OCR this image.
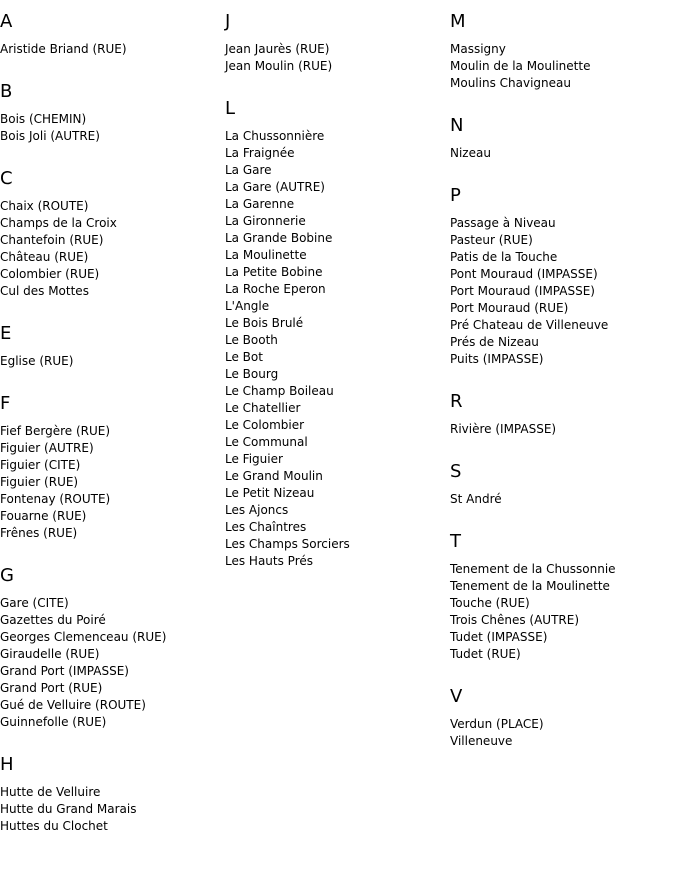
A
Aristide Briand (RUE)
B
Bois (CHEMIN)
Bois Joli (AUTRE)
C
Chaix (ROUTE)
Champs de la Croix
Chantefoin (RUE)
Château (RUE)
Colombier (RUE)
Cul des Mottes
E
Eglise (RUE)
F
Fief Bergère (RUE)
Figuier (AUTRE)
Figuier (CITE)
Figuier (RUE)
Fontenay (ROUTE)
Fouarne (RUE)
Frênes (RUE)
G
Gare (CITE)
Gazettes du Poiré
Georges Clemenceau (RUE)
Giraudelle (RUE)
Grand Port (IMPASSE)
Grand Port (RUE)
Gué de Velluire (ROUTE)
Guinnefolle (RUE)
H
Hutte de Velluire
Hutte du Grand Marais
Huttes du Clochet
J
Jean Jaurès (RUE)
Jean Moulin (RUE)
L
La Chussonnière
La Fraignée
La Gare
La Gare (AUTRE)
La Garenne
La Gironnerie
La Grande Bobine
La Moulinette
La Petite Bobine
La Roche Eperon
L'Angle
Le Bois Brulé
Le Booth
Le Bot
Le Bourg
Le Champ Boileau
Le Chatellier
Le Colombier
Le Communal
Le Figuier
Le Grand Moulin
Le Petit Nizeau
Les Ajoncs
Les Chaîntres
Les Champs Sorciers
Les Hauts Prés
M
Massigny
Moulin de la Moulinette
Moulins Chavigneau
N
Nizeau
P
Passage à Niveau
Pasteur (RUE)
Patis de la Touche
Pont Mouraud (IMPASSE)
Port Mouraud (IMPASSE)
Port Mouraud (RUE)
Pré Chateau de Villeneuve
Prés de Nizeau
Puits (IMPASSE)
R
Rivière (IMPASSE)
S
St André
T
Tenement de la Chussonnie
Tenement de la Moulinette
Touche (RUE)
Trois Chênes (AUTRE)
Tudet (IMPASSE)
Tudet (RUE)
V
Verdun (PLACE)
Villeneuve
